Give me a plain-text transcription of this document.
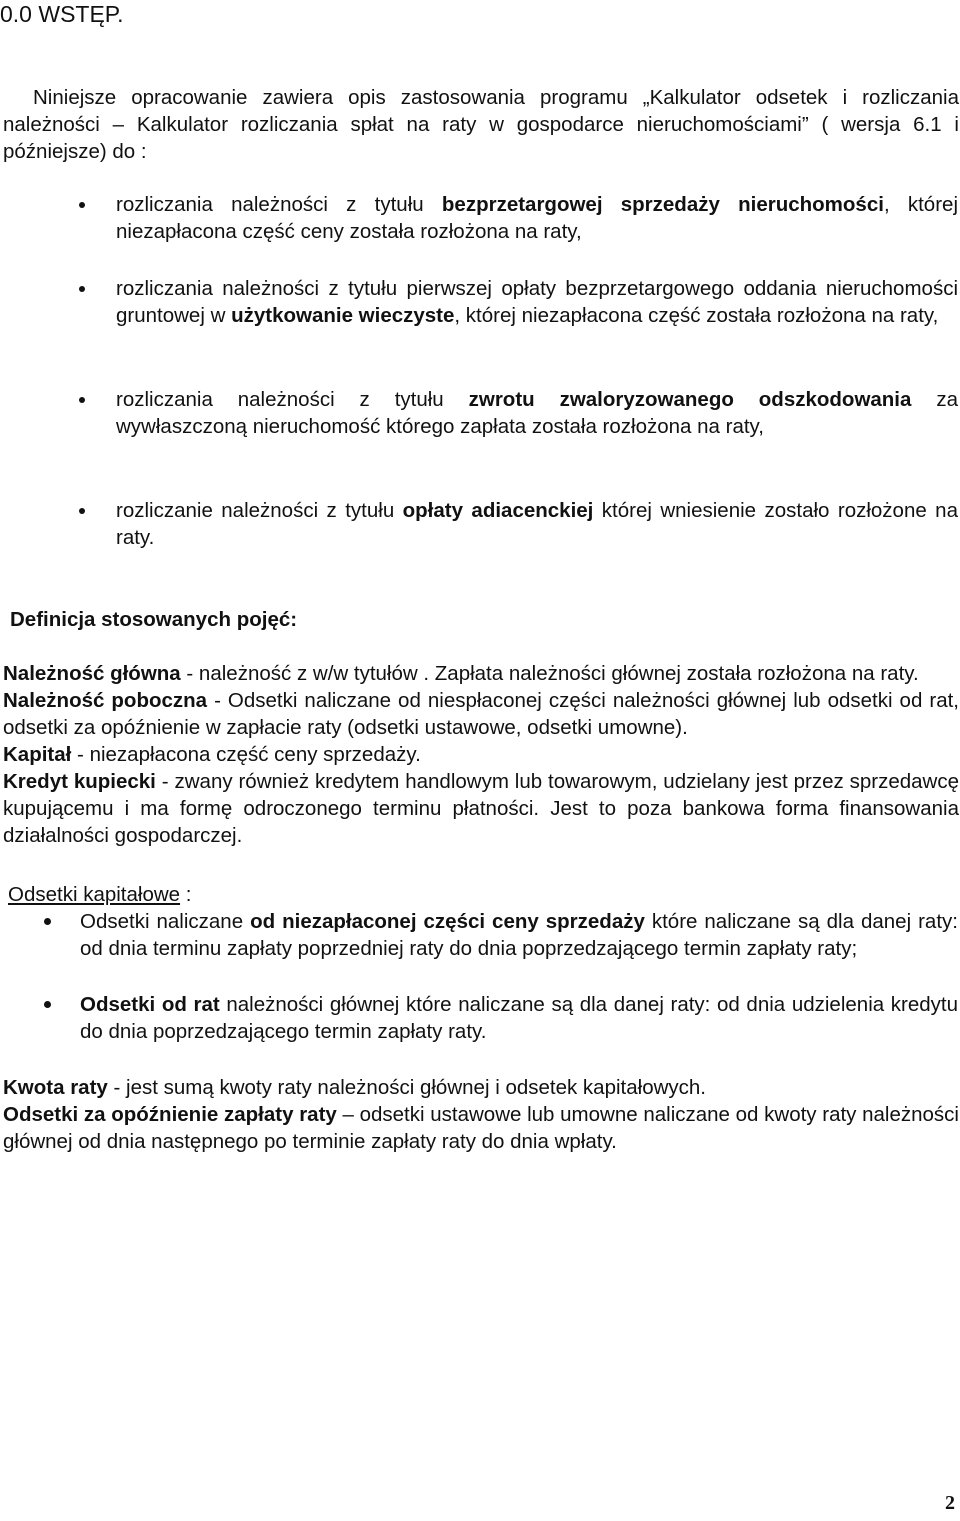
0.0 WSTĘP.
Niniejsze opracowanie zawiera opis zastosowania programu „Kalkulator odsetek i rozliczania należności – Kalkulator rozliczania spłat na raty w gospodarce nieruchomościami” ( wersja 6.1 i późniejsze) do :
rozliczania należności z tytułu bezprzetargowej sprzedaży nieruchomości, której niezapłacona część ceny została rozłożona na raty,
rozliczania należności z tytułu pierwszej opłaty bezprzetargowego oddania nieruchomości gruntowej w użytkowanie wieczyste, której niezapłacona część została rozłożona na raty,
rozliczania należności z tytułu zwrotu zwaloryzowanego odszkodowania za wywłaszczoną nieruchomość którego zapłata została rozłożona na raty,
rozliczanie należności z tytułu opłaty adiacenckiej której wniesienie zostało rozłożone na raty.
Definicja stosowanych pojęć:

Należność główna - należność z w/w tytułów . Zapłata należności głównej została rozłożona na raty.

Należność poboczna - Odsetki naliczane od niespłaconej części należności głównej lub odsetki od rat, odsetki za opóźnienie w zapłacie raty (odsetki ustawowe, odsetki umowne).

Kapitał - niezapłacona część ceny sprzedaży.

Kredyt kupiecki - zwany również kredytem handlowym lub towarowym, udzielany jest przez sprzedawcę kupującemu i ma formę odroczonego terminu płatności. Jest to poza bankowa forma finansowania działalności gospodarczej.

Odsetki kapitałowe :
Odsetki naliczane od niezapłaconej części ceny sprzedaży które naliczane są dla danej raty: od dnia terminu zapłaty poprzedniej raty do dnia poprzedzającego termin zapłaty raty;
Odsetki od rat należności głównej które naliczane są dla danej raty: od dnia udzielenia kredytu do dnia poprzedzającego termin zapłaty raty.

Kwota raty - jest sumą kwoty raty należności głównej i odsetek kapitałowych.

Odsetki za opóźnienie zapłaty raty – odsetki ustawowe lub umowne naliczane od kwoty raty należności głównej od dnia następnego po terminie zapłaty raty do dnia wpłaty.

2
